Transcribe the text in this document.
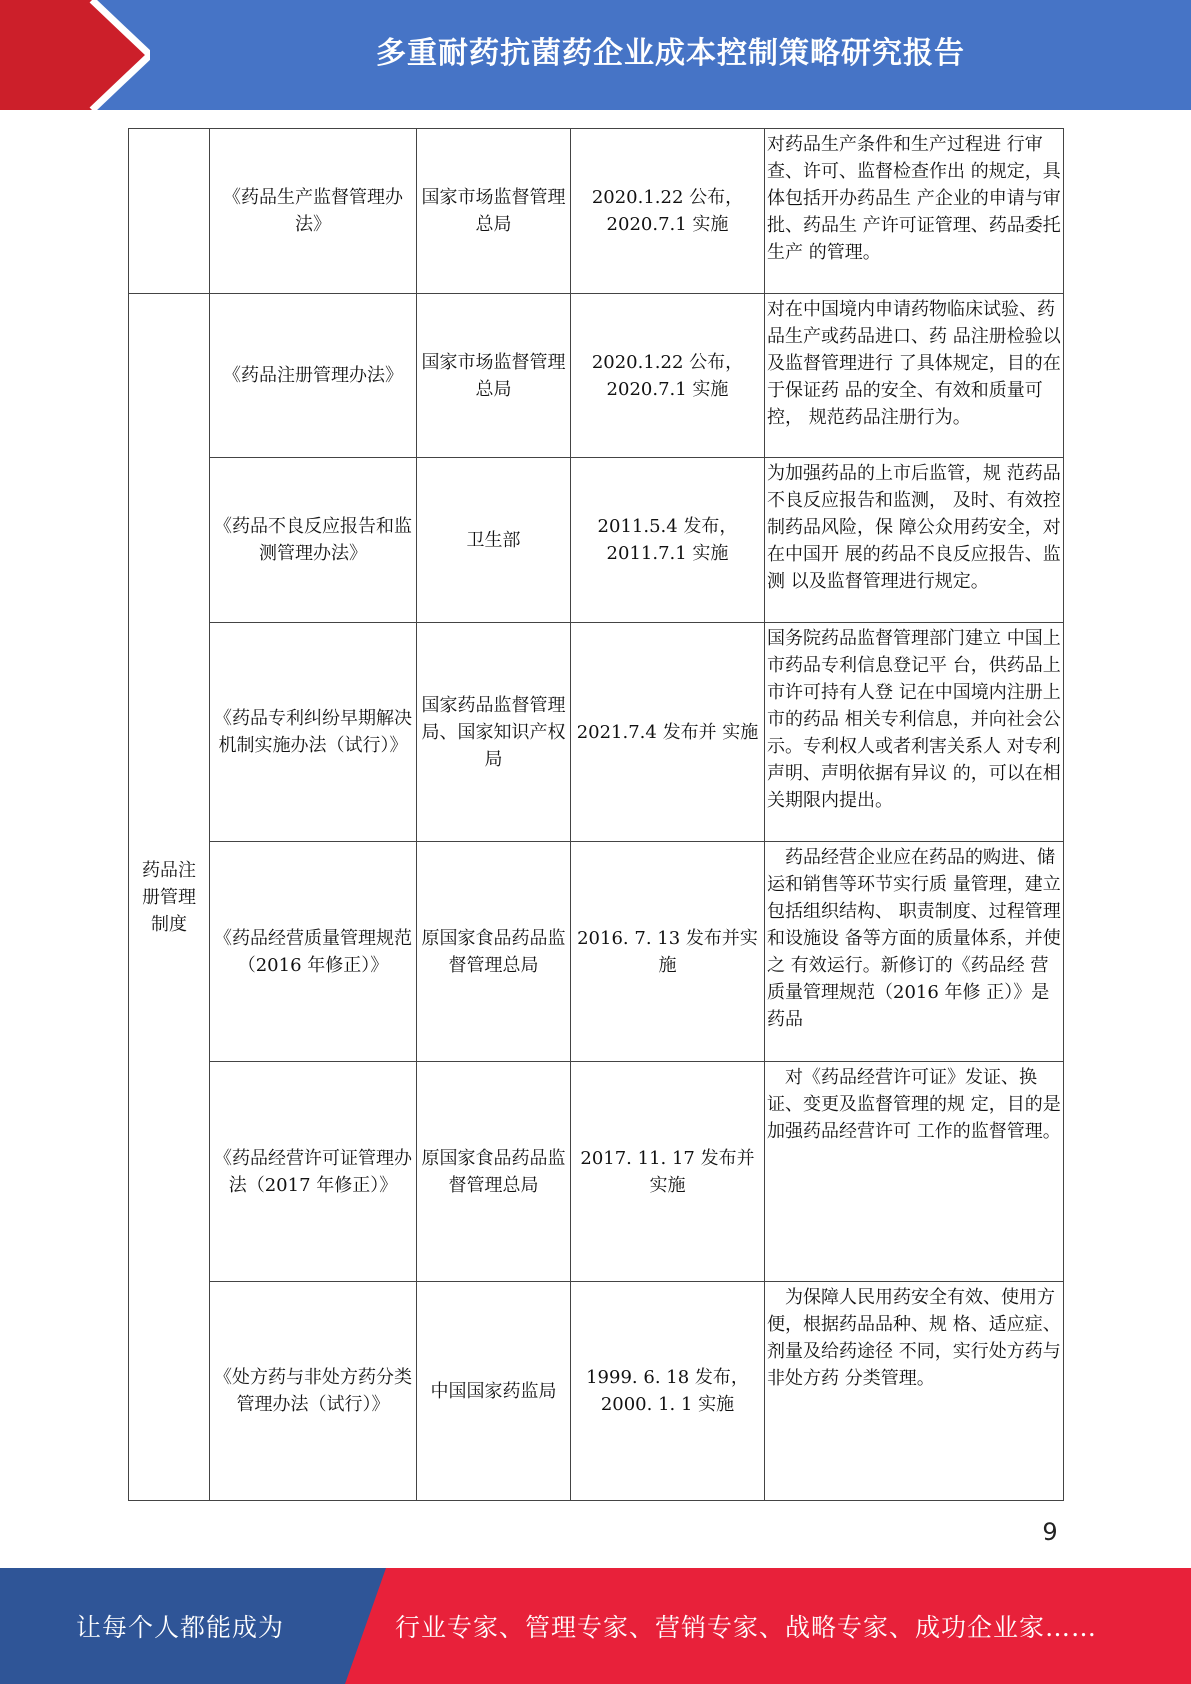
多重耐药抗菌药企业成本控制策略研究报告
	《药品生产监督管理办法》	国家市场监督管理总局	2020.1.22 公布，2020.7.1 实施	对药品生产条件和生产过程进 行审查、许可、监督检查作出 的规定，具体包括开办药品生 产企业的申请与审批、药品生 产许可证管理、药品委托生产 的管理。
药品注册管理制度	《药品注册管理办法》	国家市场监督管理总局	2020.1.22 公布，2020.7.1 实施	对在中国境内申请药物临床试验、药品生产或药品进口、药 品注册检验以及监督管理进行 了具体规定，目的在于保证药 品的安全、有效和质量可控， 规范药品注册行为。
	《药品不良反应报告和监测管理办法》	卫生部	2011.5.4 发布，2011.7.1 实施	为加强药品的上市后监管，规 范药品不良反应报告和监测， 及时、有效控制药品风险，保 障公众用药安全，对在中国开 展的药品不良反应报告、监测 以及监督管理进行规定。
	《药品专利纠纷早期解决机制实施办法（试行）》	国家药品监督管理局、国家知识产权局	2021.7.4 发布并 实施	国务院药品监督管理部门建立 中国上市药品专利信息登记平 台，供药品上市许可持有人登 记在中国境内注册上市的药品 相关专利信息，并向社会公 示。专利权人或者利害关系人 对专利声明、声明依据有异议 的，可以在相关期限内提出。
	《药品经营质量管理规范（2016 年修正）》	原国家食品药品监督管理总局	2016. 7. 13 发布并实施	　药品经营企业应在药品的购进、储运和销售等环节实行质 量管理，建立包括组织结构、 职责制度、过程管理和设施设 备等方面的质量体系，并使之 有效运行。新修订的《药品经 营质量管理规范（2016 年修 正）》是药品
	《药品经营许可证管理办法（2017 年修正）》	原国家食品药品监督管理总局	2017. 11. 17 发布并实施	　对《药品经营许可证》发证、换证、变更及监督管理的规 定，目的是加强药品经营许可 工作的监督管理。
	《处方药与非处方药分类管理办法（试行）》	中国国家药监局	1999. 6. 18 发布，2000. 1. 1 实施	　为保障人民用药安全有效、使用方便，根据药品品种、规 格、适应症、剂量及给药途径 不同，实行处方药与非处方药 分类管理。
9
让每个人都能成为	行业专家、管理专家、营销专家、战略专家、成功企业家……
